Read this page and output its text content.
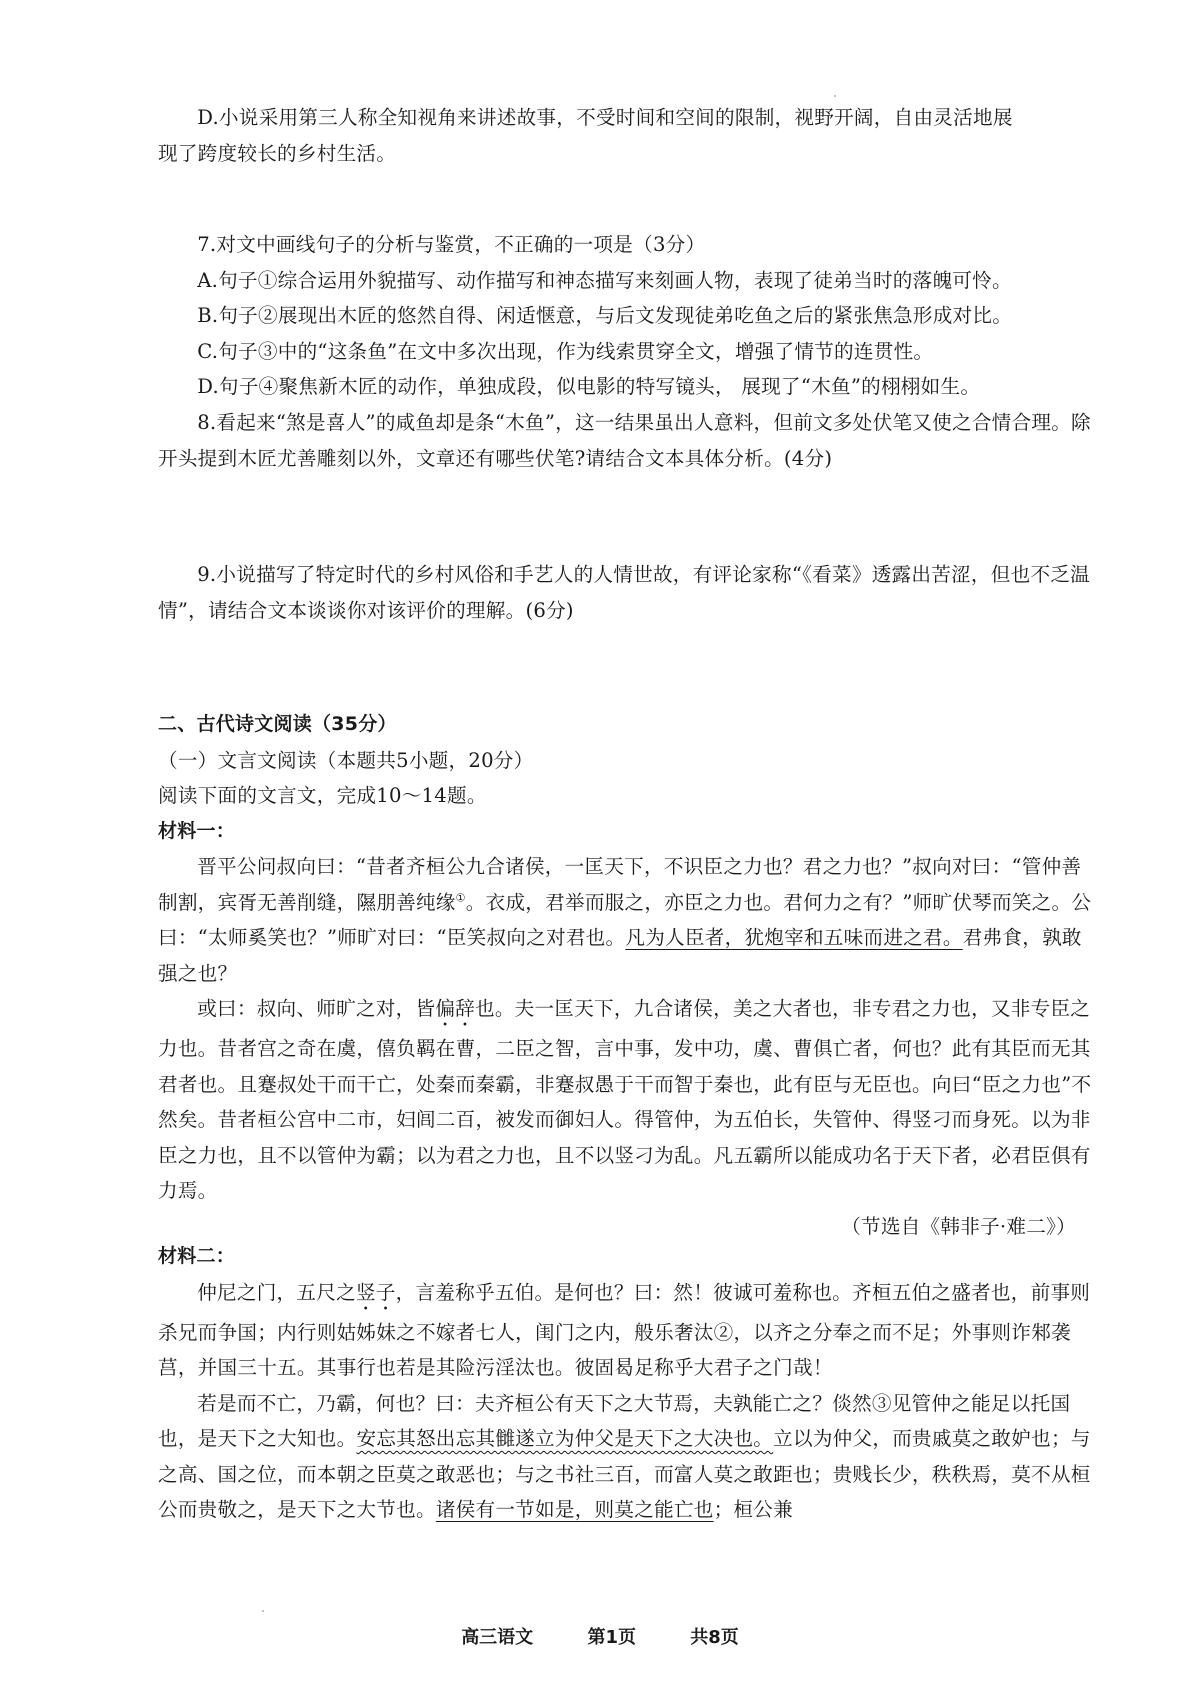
D.小说采用第三人称全知视角来讲述故事，不受时间和空间的限制，视野开阔，自由灵活地展

现了跨度较长的乡村生活。

7.对文中画线句子的分析与鉴赏，不正确的一项是（3分）

A.句子①综合运用外貌描写、动作描写和神态描写来刻画人物，表现了徒弟当时的落魄可怜。

B.句子②展现出木匠的悠然自得、闲适惬意，与后文发现徒弟吃鱼之后的紧张焦急形成对比。

C.句子③中的“这条鱼”在文中多次出现，作为线索贯穿全文，增强了情节的连贯性。

D.句子④聚焦新木匠的动作，单独成段，似电影的特写镜头， 展现了“木鱼”的栩栩如生。

8.看起来“煞是喜人”的咸鱼却是条“木鱼”，这一结果虽出人意料，但前文多处伏笔又使之合情合理。除开头提到木匠尤善雕刻以外，文章还有哪些伏笔?请结合文本具体分析。(4分)

9.小说描写了特定时代的乡村风俗和手艺人的人情世故，有评论家称“《看菜》透露出苦涩，但也不乏温情”，请结合文本谈谈你对该评价的理解。(6分)

二、古代诗文阅读（35分）

（一）文言文阅读（本题共5小题，20分）

阅读下面的文言文，完成10～14题。

材料一：

晋平公问叔向曰：“昔者齐桓公九合诸侯，一匡天下，不识臣之力也？君之力也？”叔向对曰：“管仲善制割，宾胥无善削缝，隰朋善纯缘①。衣成，君举而服之，亦臣之力也。君何力之有？”师旷伏琴而笑之。公曰：“太师奚笑也？”师旷对曰：“臣笑叔向之对君也。凡为人臣者，犹炮宰和五味而进之君。君弗食，孰敢强之也？

或曰：叔向、师旷之对，皆偏辞也。夫一匡天下，九合诸侯，美之大者也，非专君之力也，又非专臣之力也。昔者宫之奇在虞，僖负羁在曹，二臣之智，言中事，发中功，虞、曹俱亡者，何也？此有其臣而无其君者也。且蹇叔处干而干亡，处秦而秦霸，非蹇叔愚于干而智于秦也，此有臣与无臣也。向曰“臣之力也”不然矣。昔者桓公宫中二市，妇闾二百，被发而御妇人。得管仲，为五伯长，失管仲、得竖刁而身死。以为非臣之力也，且不以管仲为霸；以为君之力也，且不以竖刁为乱。凡五霸所以能成功名于天下者，必君臣俱有力焉。

（节选自《韩非子·难二》）

材料二：

仲尼之门，五尺之竖子，言羞称乎五伯。是何也？曰：然！彼诚可羞称也。齐桓五伯之盛者也，前事则杀兄而争国；内行则姑姊妹之不嫁者七人，闺门之内，般乐奢汰②，以齐之分奉之而不足；外事则诈邾袭莒，并国三十五。其事行也若是其险污淫汰也。彼固曷足称乎大君子之门哉！

若是而不亡，乃霸，何也？曰：夫齐桓公有天下之大节焉，夫孰能亡之？倓然③见管仲之能足以托国也，是天下之大知也。安忘其怒出忘其雠遂立为仲父是天下之大决也。立以为仲父，而贵戚莫之敢妒也；与之高、国之位，而本朝之臣莫之敢恶也；与之书社三百，而富人莫之敢距也；贵贱长少，秩秩焉，莫不从桓公而贵敬之，是天下之大节也。诸侯有一节如是，则莫之能亡也；桓公兼

高三语文	第1页	共8页
